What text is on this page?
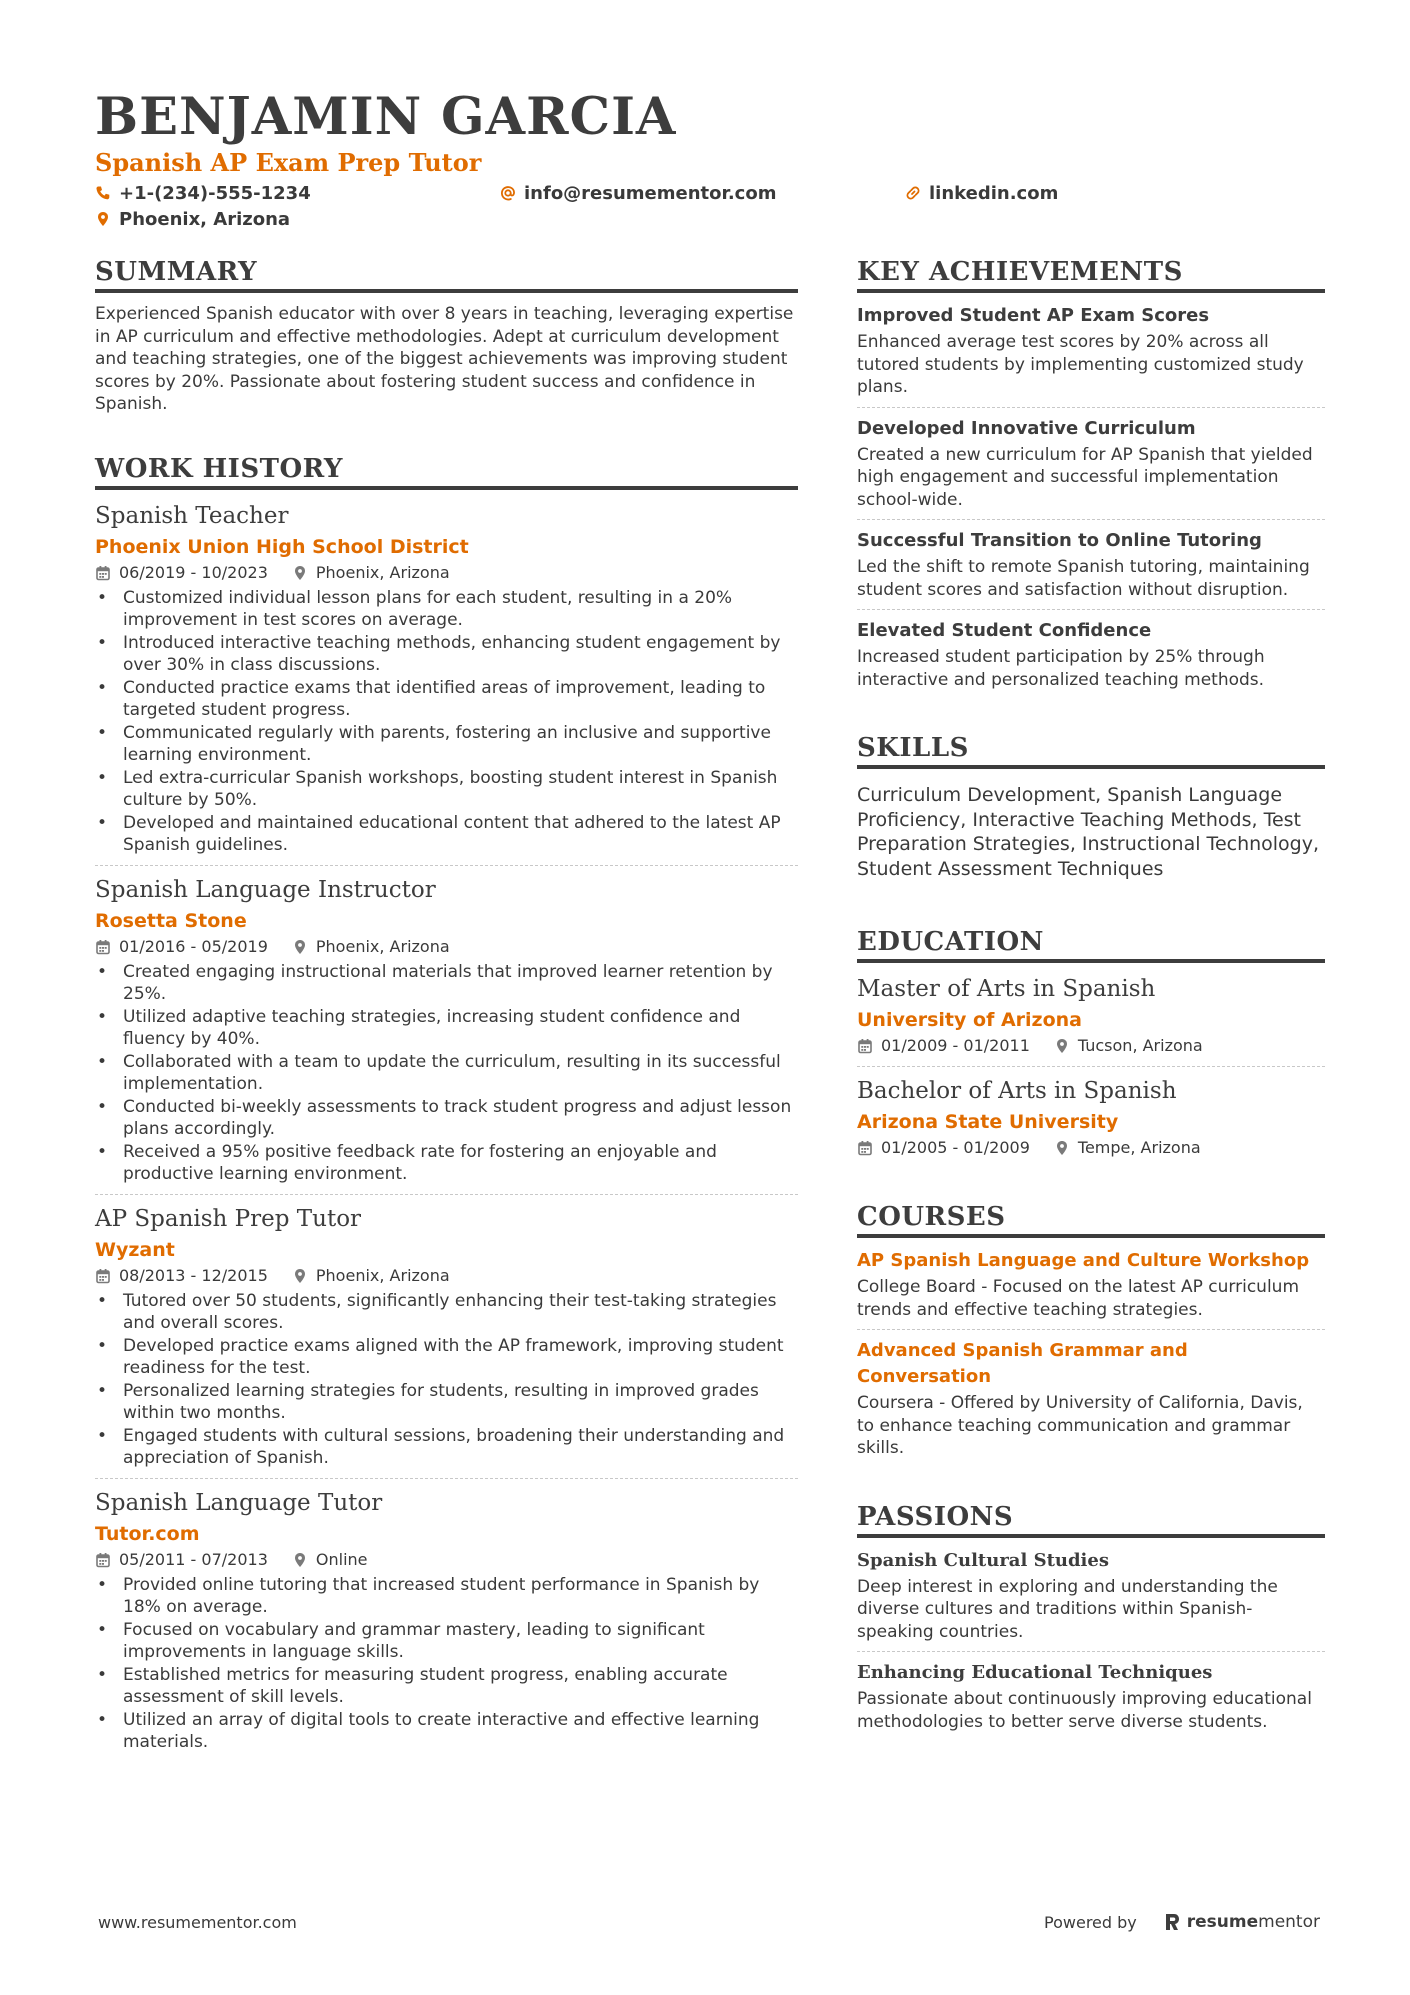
BENJAMIN GARCIA
Spanish AP Exam Prep Tutor
+1-(234)-555-1234	info@resumementor.com	linkedin.com
Phoenix, Arizona
SUMMARY
Experienced Spanish educator with over 8 years in teaching, leveraging expertise in AP curriculum and effective methodologies. Adept at curriculum development and teaching strategies, one of the biggest achievements was improving student scores by 20%. Passionate about fostering student success and confidence in Spanish.
WORK HISTORY
Spanish Teacher
Phoenix Union High School District
06/2019 - 10/2023	Phoenix, Arizona
• Customized individual lesson plans for each student, resulting in a 20% improvement in test scores on average.
• Introduced interactive teaching methods, enhancing student engagement by over 30% in class discussions.
• Conducted practice exams that identified areas of improvement, leading to targeted student progress.
• Communicated regularly with parents, fostering an inclusive and supportive learning environment.
• Led extra-curricular Spanish workshops, boosting student interest in Spanish culture by 50%.
• Developed and maintained educational content that adhered to the latest AP Spanish guidelines.
Spanish Language Instructor
Rosetta Stone
01/2016 - 05/2019	Phoenix, Arizona
• Created engaging instructional materials that improved learner retention by 25%.
• Utilized adaptive teaching strategies, increasing student confidence and fluency by 40%.
• Collaborated with a team to update the curriculum, resulting in its successful implementation.
• Conducted bi-weekly assessments to track student progress and adjust lesson plans accordingly.
• Received a 95% positive feedback rate for fostering an enjoyable and productive learning environment.
AP Spanish Prep Tutor
Wyzant
08/2013 - 12/2015	Phoenix, Arizona
• Tutored over 50 students, significantly enhancing their test-taking strategies and overall scores.
• Developed practice exams aligned with the AP framework, improving student readiness for the test.
• Personalized learning strategies for students, resulting in improved grades within two months.
• Engaged students with cultural sessions, broadening their understanding and appreciation of Spanish.
Spanish Language Tutor
Tutor.com
05/2011 - 07/2013	Online
• Provided online tutoring that increased student performance in Spanish by 18% on average.
• Focused on vocabulary and grammar mastery, leading to significant improvements in language skills.
• Established metrics for measuring student progress, enabling accurate assessment of skill levels.
• Utilized an array of digital tools to create interactive and effective learning materials.
KEY ACHIEVEMENTS
Improved Student AP Exam Scores
Enhanced average test scores by 20% across all tutored students by implementing customized study plans.
Developed Innovative Curriculum
Created a new curriculum for AP Spanish that yielded high engagement and successful implementation school-wide.
Successful Transition to Online Tutoring
Led the shift to remote Spanish tutoring, maintaining student scores and satisfaction without disruption.
Elevated Student Confidence
Increased student participation by 25% through interactive and personalized teaching methods.
SKILLS
Curriculum Development, Spanish Language Proficiency, Interactive Teaching Methods, Test Preparation Strategies, Instructional Technology, Student Assessment Techniques
EDUCATION
Master of Arts in Spanish
University of Arizona
01/2009 - 01/2011	Tucson, Arizona
Bachelor of Arts in Spanish
Arizona State University
01/2005 - 01/2009	Tempe, Arizona
COURSES
AP Spanish Language and Culture Workshop
College Board - Focused on the latest AP curriculum trends and effective teaching strategies.
Advanced Spanish Grammar and Conversation
Coursera - Offered by University of California, Davis, to enhance teaching communication and grammar skills.
PASSIONS
Spanish Cultural Studies
Deep interest in exploring and understanding the diverse cultures and traditions within Spanish-speaking countries.
Enhancing Educational Techniques
Passionate about continuously improving educational methodologies to better serve diverse students.
www.resumementor.com	Powered by	resume mentor
